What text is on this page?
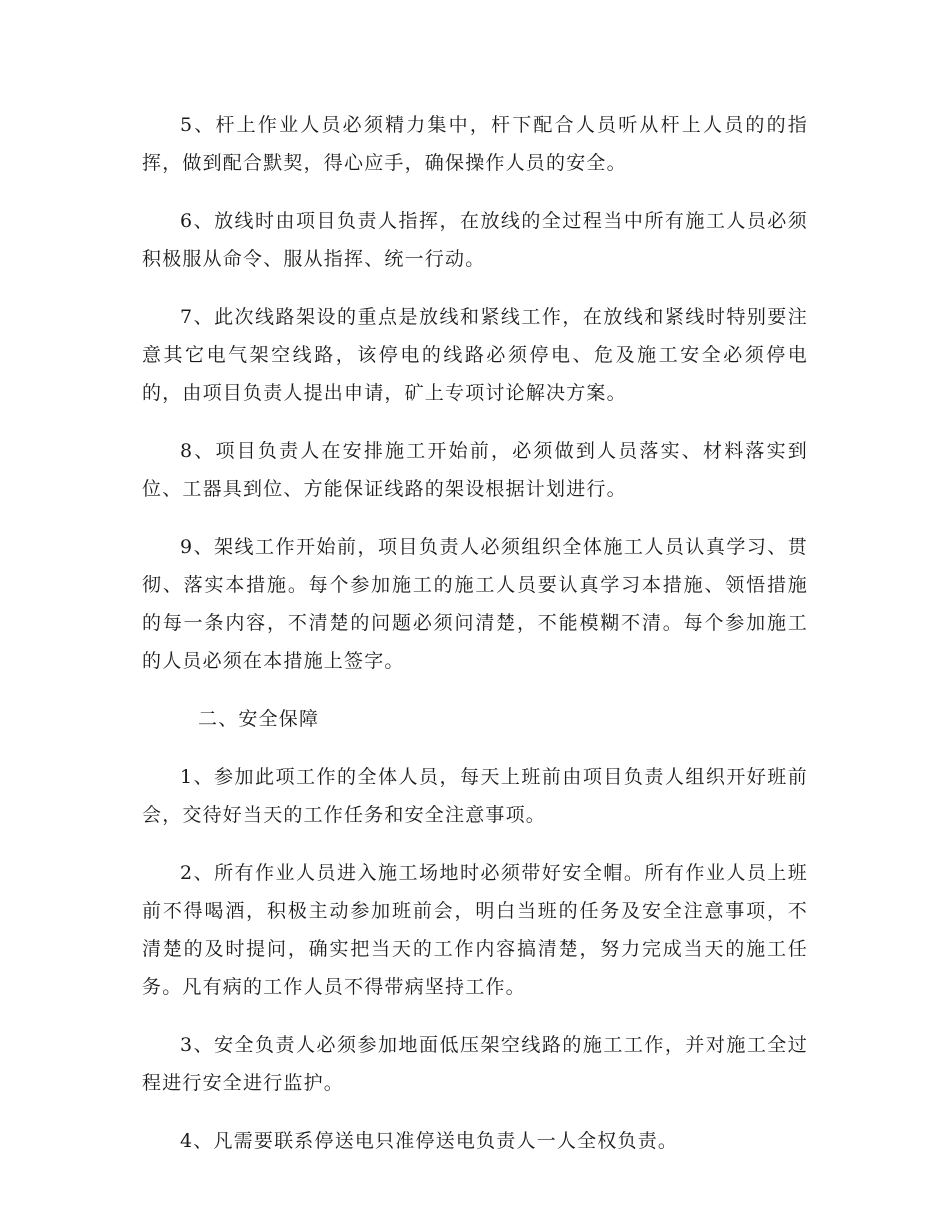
5、杆上作业人员必须精力集中，杆下配合人员听从杆上人员的的指挥，做到配合默契，得心应手，确保操作人员的安全。

6、放线时由项目负责人指挥，在放线的全过程当中所有施工人员必须积极服从命令、服从指挥、统一行动。

7、此次线路架设的重点是放线和紧线工作，在放线和紧线时特别要注意其它电气架空线路，该停电的线路必须停电、危及施工安全必须停电的，由项目负责人提出申请，矿上专项讨论解决方案。

8、项目负责人在安排施工开始前，必须做到人员落实、材料落实到位、工器具到位、方能保证线路的架设根据计划进行。

9、架线工作开始前，项目负责人必须组织全体施工人员认真学习、贯彻、落实本措施。每个参加施工的施工人员要认真学习本措施、领悟措施的每一条内容，不清楚的问题必须问清楚，不能模糊不清。每个参加施工的人员必须在本措施上签字。

二、安全保障

1、参加此项工作的全体人员，每天上班前由项目负责人组织开好班前会，交待好当天的工作任务和安全注意事项。

2、所有作业人员进入施工场地时必须带好安全帽。所有作业人员上班前不得喝酒，积极主动参加班前会，明白当班的任务及安全注意事项，不清楚的及时提问，确实把当天的工作内容搞清楚，努力完成当天的施工任务。凡有病的工作人员不得带病坚持工作。

3、安全负责人必须参加地面低压架空线路的施工工作，并对施工全过程进行安全进行监护。

4、凡需要联系停送电只准停送电负责人一人全权负责。
